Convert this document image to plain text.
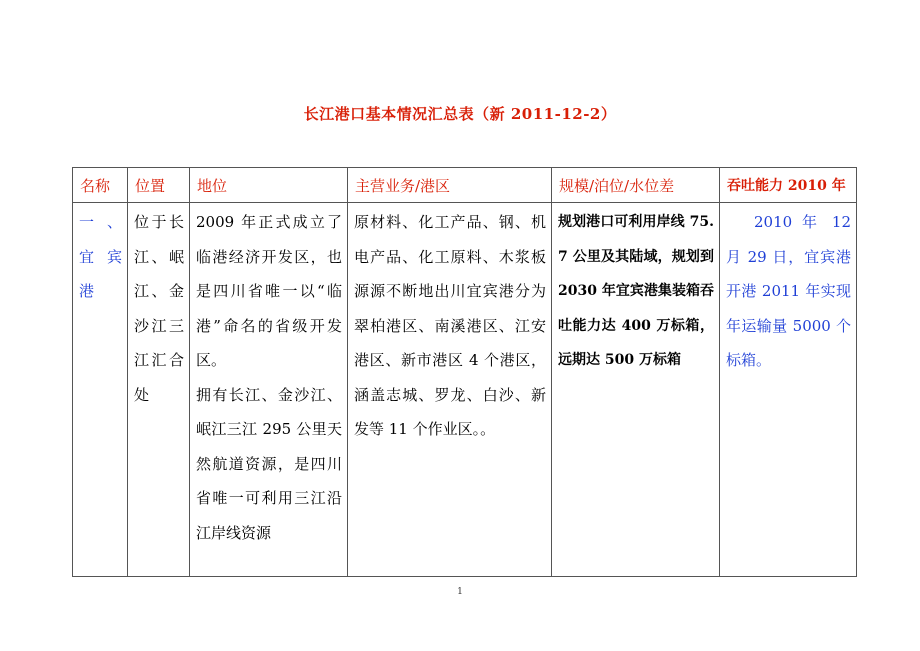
长江港口基本情况汇总表（新 2011-12-2）
名称	位置	地位	主营业务/港区	规模/泊位/水位差	吞吐能力 2010 年

一、宜宾港	位于长江、岷江、金沙江三江汇合处	2009 年正式成立了临港经济开发区，也是四川省唯一以“临港”命名的省级开发区。
拥有长江、金沙江、岷江三江 295 公里天然航道资源，是四川省唯一可利用三江沿江岸线资源	原材料、化工产品、钢、机电产品、化工原料、木浆板源源不断地出川宜宾港分为翠柏港区、南溪港区、江安港区、新市港区 4 个港区，涵盖志城、罗龙、白沙、新发等 11 个作业区。。	规划港口可利用岸线 75.7 公里及其陆域，规划到 2030 年宜宾港集装箱吞吐能力达 400 万标箱，远期达 500 万标箱	2010 年 12 月 29 日，宜宾港开港 2011 年实现年运输量 5000 个标箱。
1
